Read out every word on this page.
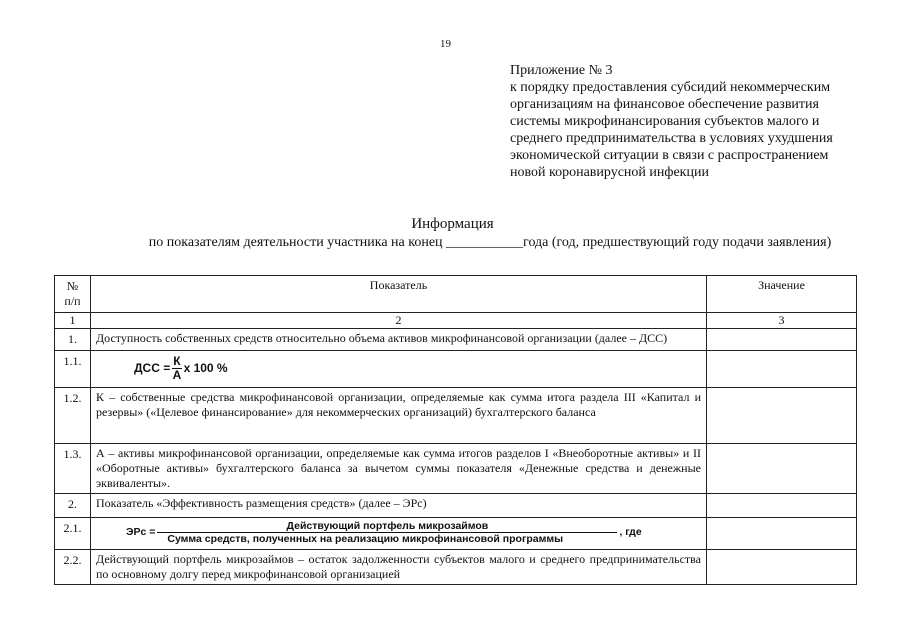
19
Приложение № 3
к порядку предоставления субсидий некоммерческим
организациям на финансовое обеспечение развития
системы микрофинансирования субъектов малого и
среднего предпринимательства в условиях ухудшения
экономической ситуации в связи с распространением
новой коронавирусной инфекции
Информация
по показателям деятельности участника на конец ___________года (год, предшествующий году подачи заявления)
№
п/п	Показатель	Значение
1	2	3
1.	Доступность собственных средств относительно объема активов микрофинансовой организации (далее – ДСС)	
1.1.	ДСС = $\frac{К}{А}$ х 100 %	

1.2.	К – собственные средства микрофинансовой организации, определяемые как сумма итога раздела III «Капитал и резервы» («Целевое финансирование» для некоммерческих организаций) бухгалтерского баланса	
1.3.	А – активы микрофинансовой организации, определяемые как сумма итогов разделов I «Внеоборотные активы» и II «Оборотные активы» бухгалтерского баланса за вычетом суммы показателя «Денежные средства и денежные эквиваленты».	
2.	Показатель «Эффективность размещения средств» (далее – ЭРс)	
2.1.	ЭРс = Действующий портфель микрозаймов
Сумма средств, полученных на реализацию микрофинансовой программы
, где	

2.2.	Действующий портфель микрозаймов – остаток задолженности субъектов малого и среднего предпринимательства по основному долгу перед микрофинансовой организацией	
